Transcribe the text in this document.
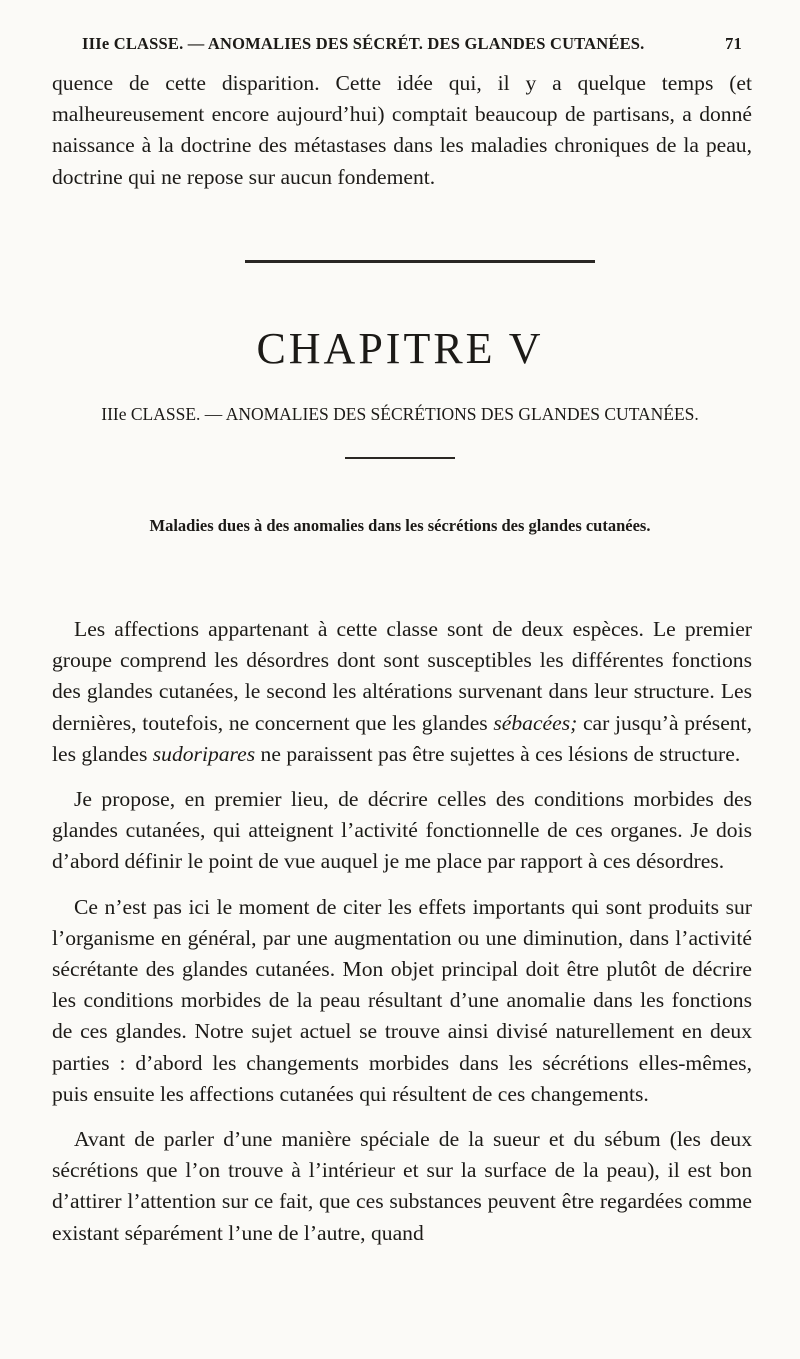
IIIe CLASSE. — ANOMALIES DES SÉCRÉT. DES GLANDES CUTANÉES.	71

quence de cette disparition. Cette idée qui, il y a quelque temps (et malheureusement encore aujourd’hui) comptait beaucoup de partisans, a donné naissance à la doctrine des métastases dans les maladies chroniques de la peau, doctrine qui ne repose sur aucun fondement.

CHAPITRE V
IIIe CLASSE. — ANOMALIES DES SÉCRÉTIONS DES GLANDES CUTANÉES.
Maladies dues à des anomalies dans les sécrétions des glandes cutanées.

Les affections appartenant à cette classe sont de deux espèces. Le premier groupe comprend les désordres dont sont susceptibles les différentes fonctions des glandes cutanées, le second les altérations survenant dans leur structure. Les dernières, toutefois, ne concernent que les glandes sébacées; car jusqu’à présent, les glandes sudoripares ne paraissent pas être sujettes à ces lésions de structure.

Je propose, en premier lieu, de décrire celles des conditions morbides des glandes cutanées, qui atteignent l’activité fonctionnelle de ces organes. Je dois d’abord définir le point de vue auquel je me place par rapport à ces désordres.

Ce n’est pas ici le moment de citer les effets importants qui sont produits sur l’organisme en général, par une augmentation ou une diminution, dans l’activité sécrétante des glandes cutanées. Mon objet principal doit être plutôt de décrire les conditions morbides de la peau résultant d’une anomalie dans les fonctions de ces glandes. Notre sujet actuel se trouve ainsi divisé naturellement en deux parties : d’abord les changements morbides dans les sécrétions elles-mêmes, puis ensuite les affections cutanées qui résultent de ces changements.

Avant de parler d’une manière spéciale de la sueur et du sébum (les deux sécrétions que l’on trouve à l’intérieur et sur la surface de la peau), il est bon d’attirer l’attention sur ce fait, que ces substances peuvent être regardées comme existant séparément l’une de l’autre, quand
